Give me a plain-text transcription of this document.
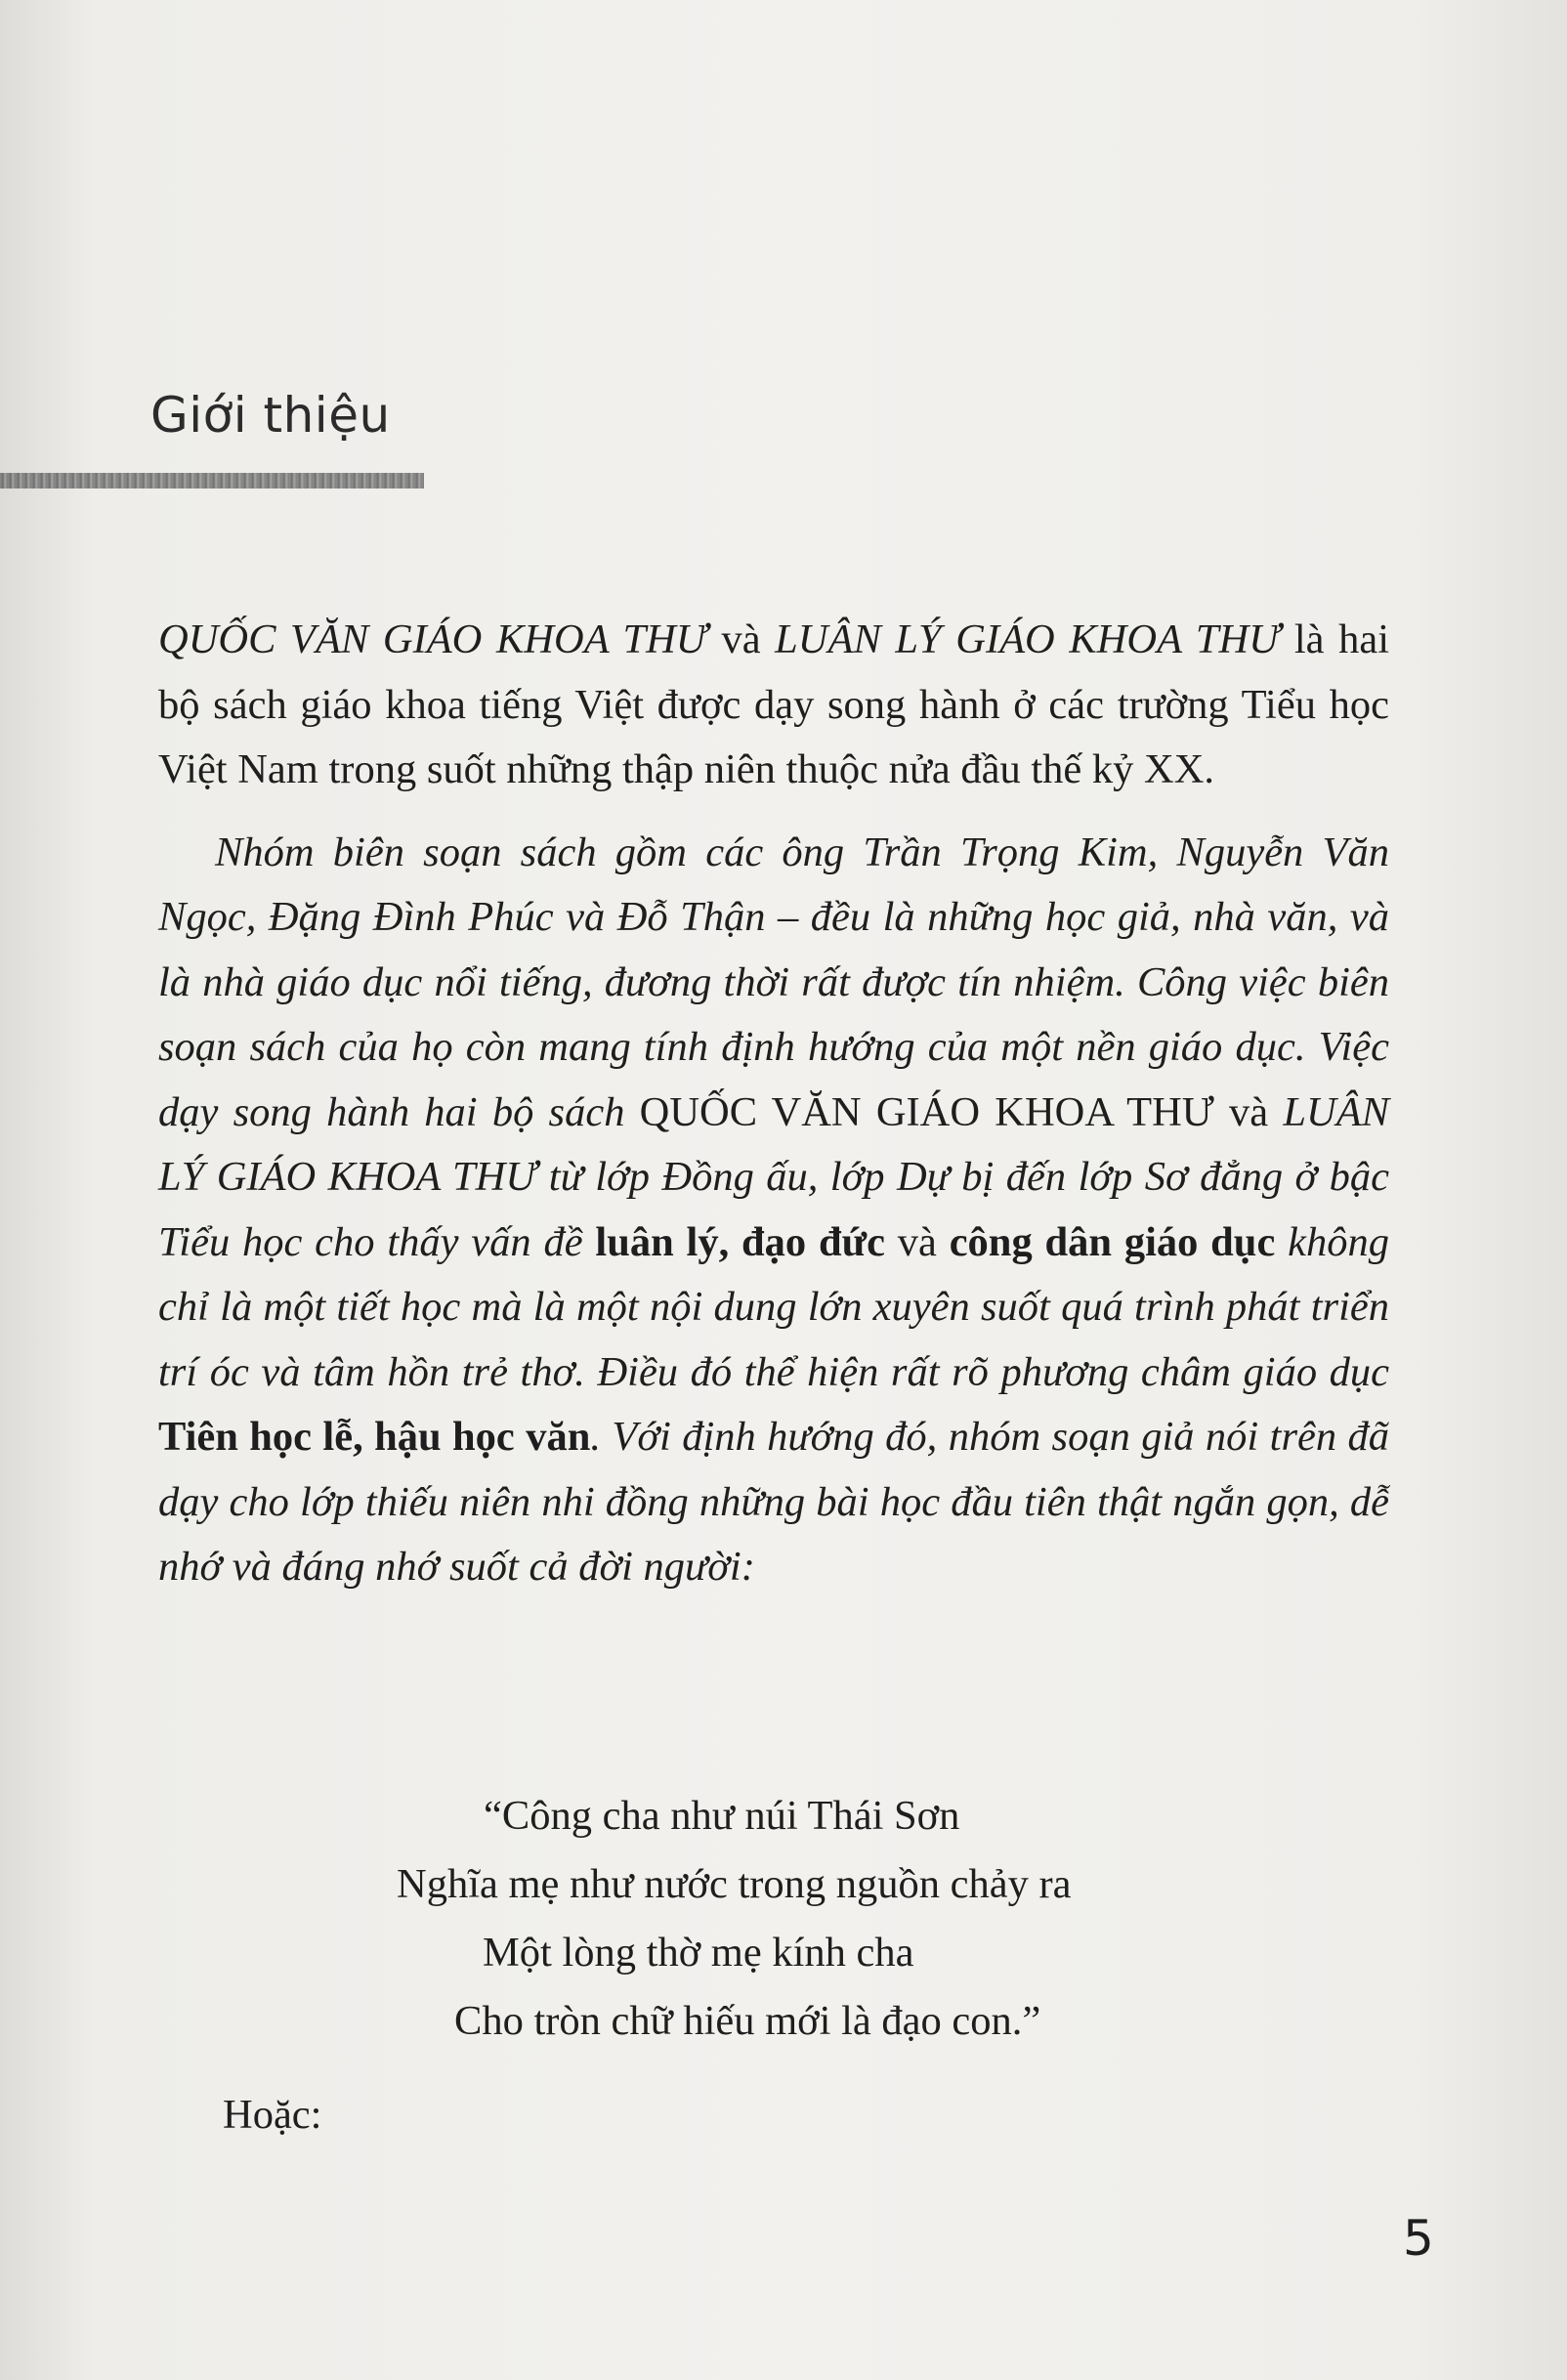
Giới thiệu

QUỐC VĂN GIÁO KHOA THƯ và LUÂN LÝ GIÁO KHOA THƯ là hai bộ sách giáo khoa tiếng Việt được dạy song hành ở các trường Tiểu học Việt Nam trong suốt những thập niên thuộc nửa đầu thế kỷ XX.

Nhóm biên soạn sách gồm các ông Trần Trọng Kim, Nguyễn Văn Ngọc, Đặng Đình Phúc và Đỗ Thận – đều là những học giả, nhà văn, và là nhà giáo dục nổi tiếng, đương thời rất được tín nhiệm. Công việc biên soạn sách của họ còn mang tính định hướng của một nền giáo dục. Việc dạy song hành hai bộ sách QUỐC VĂN GIÁO KHOA THƯ và LUÂN LÝ GIÁO KHOA THƯ từ lớp Đồng ấu, lớp Dự bị đến lớp Sơ đẳng ở bậc Tiểu học cho thấy vấn đề luân lý, đạo đức và công dân giáo dục không chỉ là một tiết học mà là một nội dung lớn xuyên suốt quá trình phát triển trí óc và tâm hồn trẻ thơ. Điều đó thể hiện rất rõ phương châm giáo dục Tiên học lễ, hậu học văn. Với định hướng đó, nhóm soạn giả nói trên đã dạy cho lớp thiếu niên nhi đồng những bài học đầu tiên thật ngắn gọn, dễ nhớ và đáng nhớ suốt cả đời người:

“Công cha như núi Thái Sơn
Nghĩa mẹ như nước trong nguồn chảy ra
Một lòng thờ mẹ kính cha
Cho tròn chữ hiếu mới là đạo con.”
Hoặc:
5
